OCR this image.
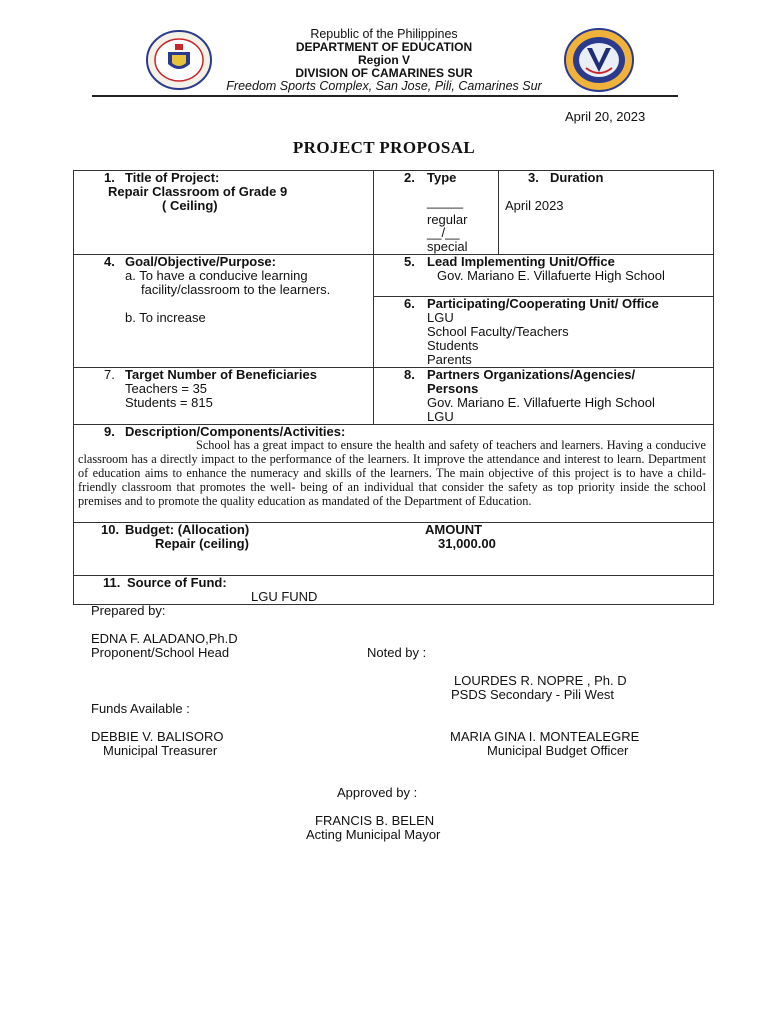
Republic of the Philippines
DEPARTMENT OF EDUCATION
Region V
DIVISION OF CAMARINES SUR
Freedom Sports Complex, San Jose, Pili, Camarines Sur
April 20, 2023
PROJECT PROPOSAL
1. Title of Project:
Repair Classroom of Grade 9
( Ceiling)
2. Type
_____
regular
__/__
special
3. Duration
April 2023
4. Goal/Objective/Purpose:
a. To have a conducive learning
facility/classroom to the learners.
b. To increase
5. Lead Implementing Unit/Office
Gov. Mariano E. Villafuerte High School
6. Participating/Cooperating Unit/ Office
LGU
School Faculty/Teachers
Students
Parents
7. Target Number of Beneficiaries
Teachers = 35
Students = 815
8. Partners Organizations/Agencies/
Persons
Gov. Mariano E. Villafuerte High School
LGU
9. Description/Components/Activities:
School has a great impact to ensure the health and safety of teachers and learners. Having a conducive classroom has a directly impact to the performance of the learners. It improve the attendance and interest to learn. Department of education aims to enhance the numeracy and skills of the learners. The main objective of this project is to have a child-friendly classroom that promotes the well- being of an individual that consider the safety as top priority inside the school premises and to promote the quality education as mandated of the Department of Education.
10. Budget: (Allocation)	AMOUNT
Repair (ceiling)	31,000.00
11. Source of Fund:
LGU FUND
Prepared by:
EDNA F. ALADANO,Ph.D
Proponent/School Head	Noted by :
LOURDES R. NOPRE , Ph. D
PSDS Secondary - Pili West
Funds Available :
DEBBIE V. BALISORO
Municipal Treasurer
MARIA GINA I. MONTEALEGRE
Municipal Budget Officer
Approved by :
FRANCIS B. BELEN
Acting Municipal Mayor
